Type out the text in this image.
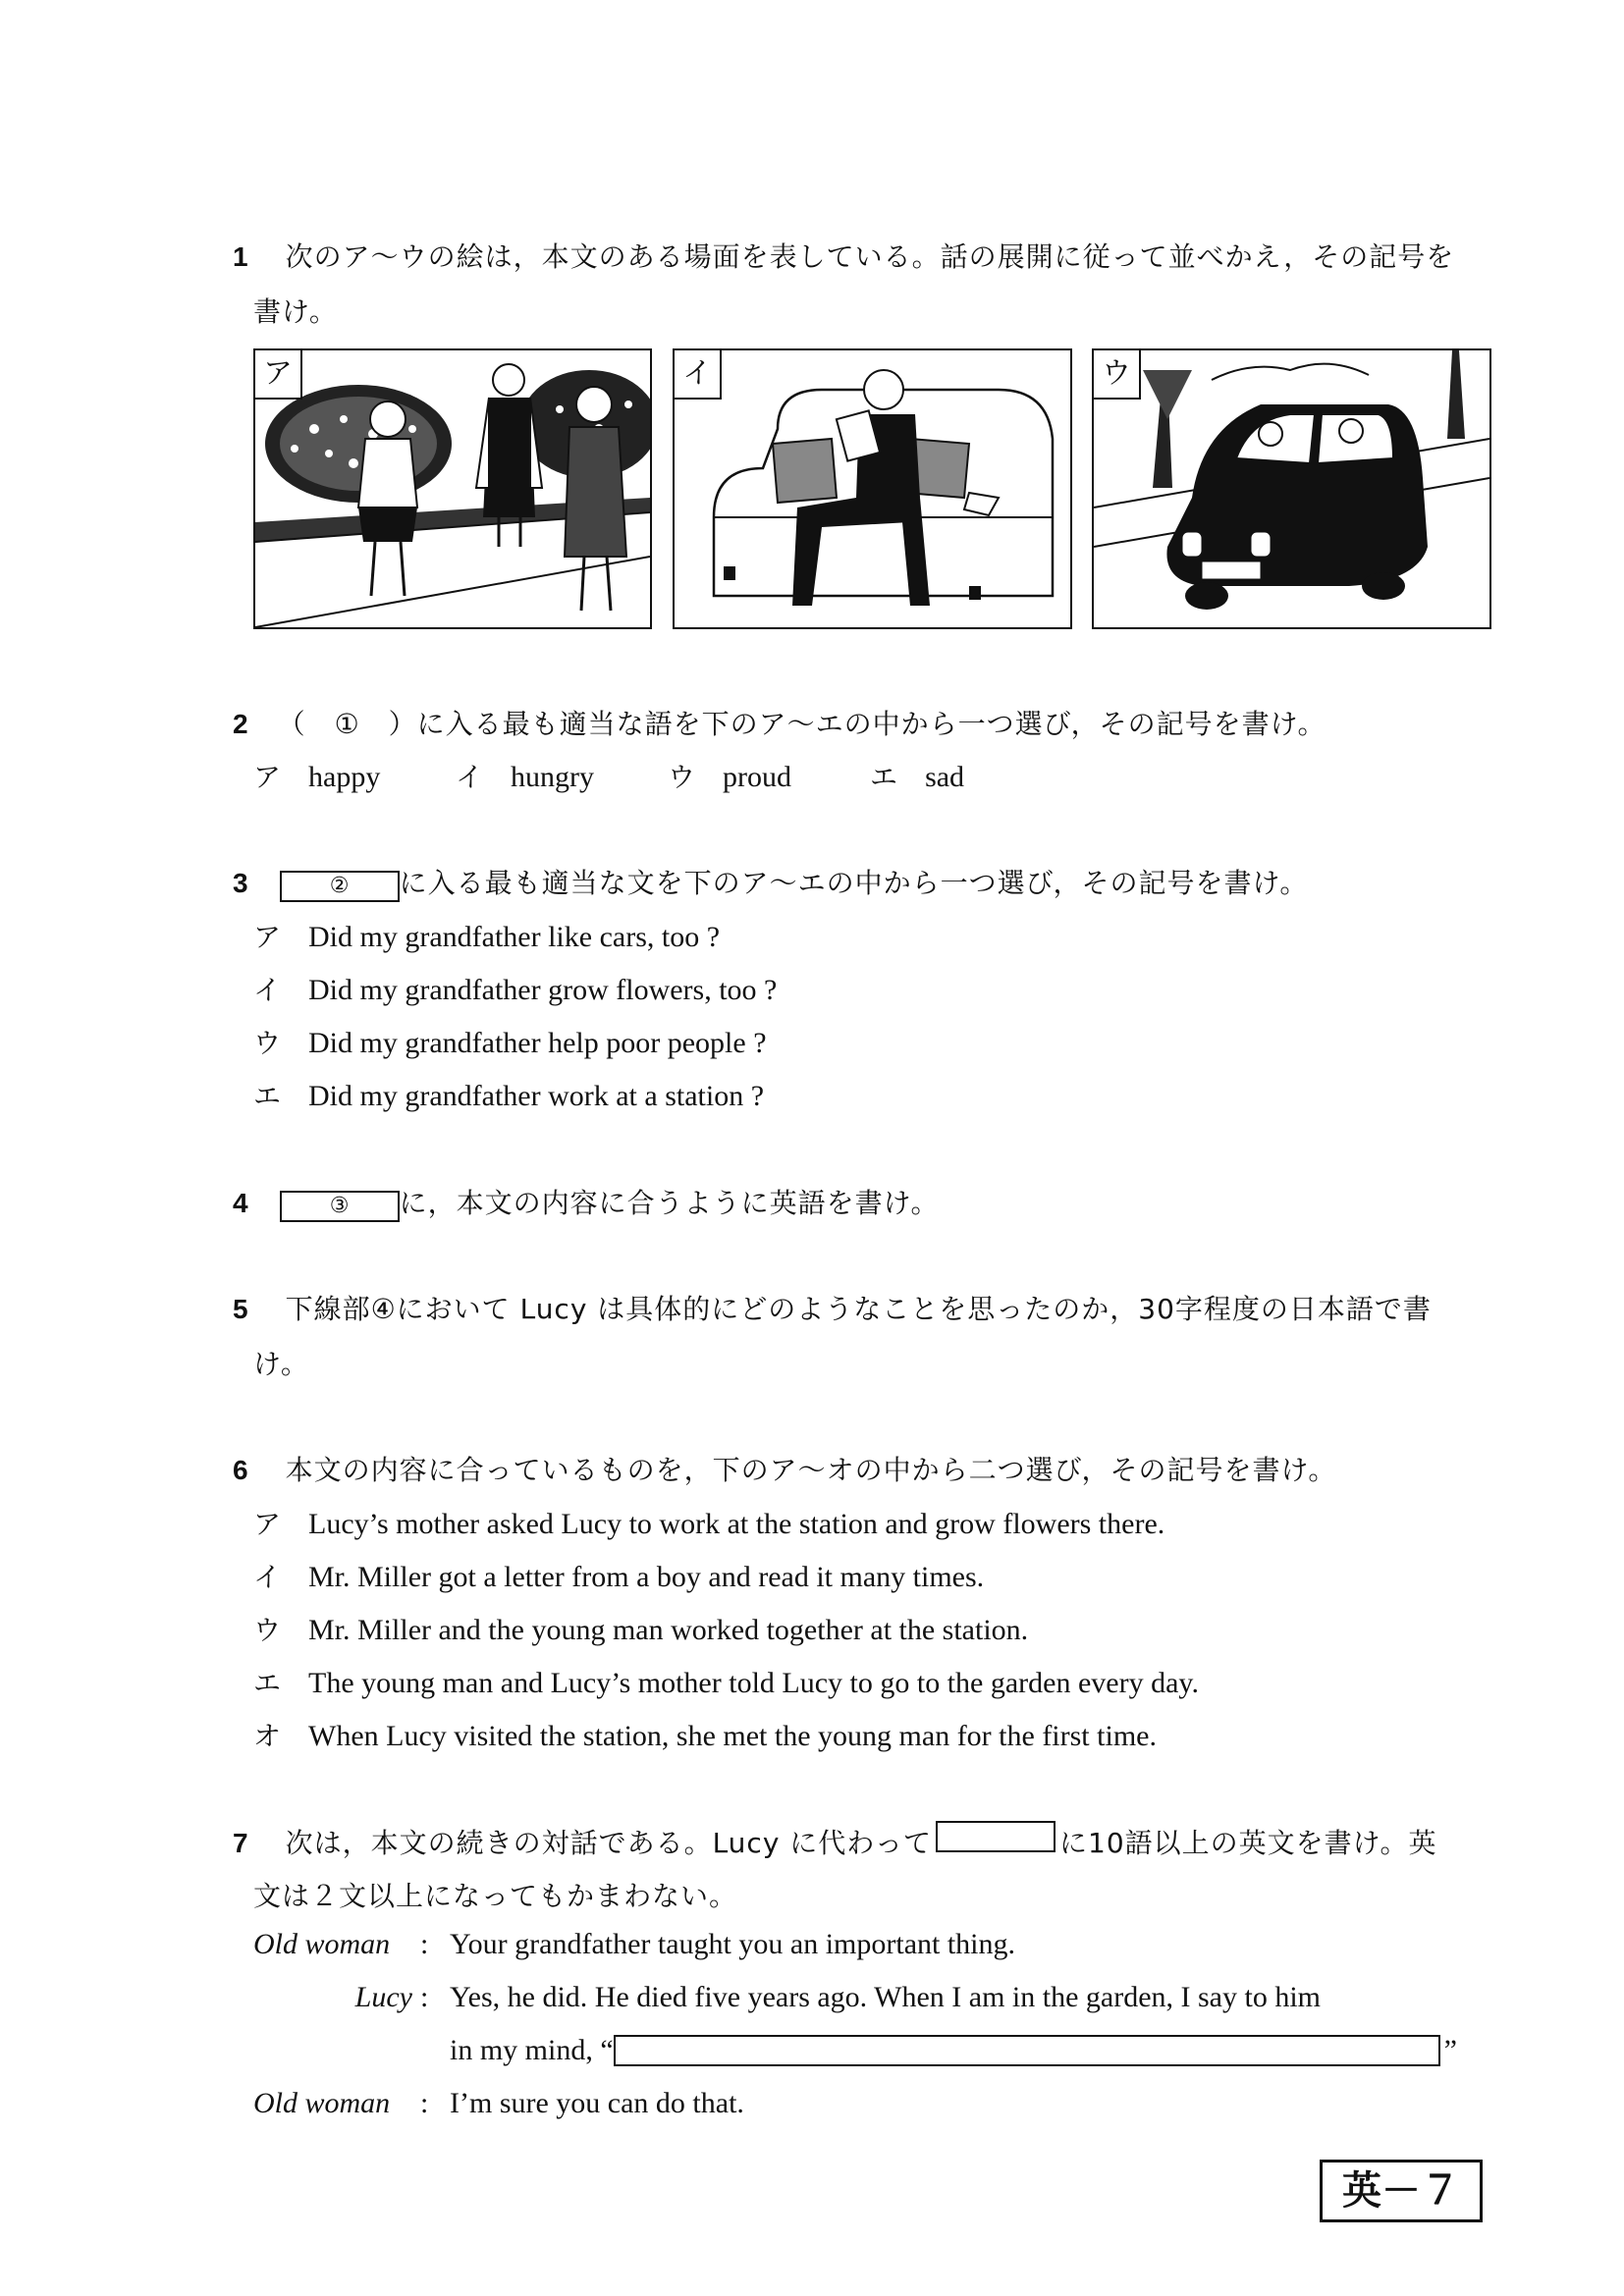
1 次のア～ウの絵は，本文のある場面を表している。話の展開に従って並べかえ，その記号を
書け。
ア	イ	ウ
2 （　①　）に入る最も適当な語を下のア～エの中から一つ選び，その記号を書け。
ア happy	イ hungry	ウ proud	エ sad
3	②	に入る最も適当な文を下のア～エの中から一つ選び，その記号を書け。
ア Did my grandfather like cars, too ?
イ Did my grandfather grow flowers, too ?
ウ Did my grandfather help poor people ?
エ Did my grandfather work at a station ?
4	③	に，本文の内容に合うように英語を書け。
5 下線部④において Lucy は具体的にどのようなことを思ったのか，30字程度の日本語で書
け。
6 本文の内容に合っているものを，下のア～オの中から二つ選び，その記号を書け。
ア Lucy’s mother asked Lucy to work at the station and grow flowers there.
イ Mr. Miller got a letter from a boy and read it many times.
ウ Mr. Miller and the young man worked together at the station.
エ The young man and Lucy’s mother told Lucy to go to the garden every day.
オ When Lucy visited the station, she met the young man for the first time.
7 次は，本文の続きの対話である。Lucy に代わって	に10語以上の英文を書け。英
文は２文以上になってもかまわない。
Old woman	: Your grandfather taught you an important thing.
Lucy : Yes, he did. He died five years ago. When I am in the garden, I say to him
in my mind, “	”
Old woman	: I’m sure you can do that.
英－７
